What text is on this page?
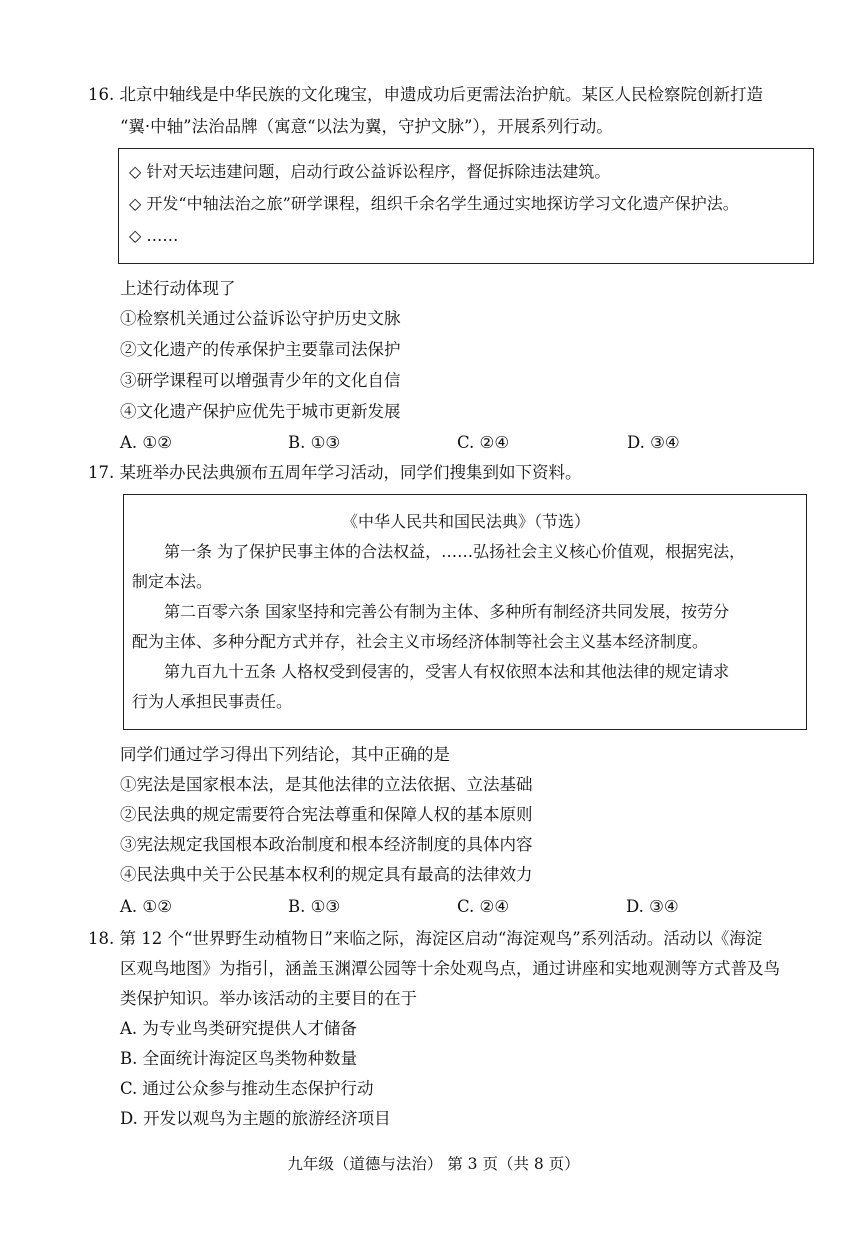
16. 北京中轴线是中华民族的文化瑰宝，申遗成功后更需法治护航。某区人民检察院创新打造
“翼·中轴”法治品牌（寓意“以法为翼，守护文脉”），开展系列行动。
◇ 针对天坛违建问题，启动行政公益诉讼程序，督促拆除违法建筑。
◇ 开发“中轴法治之旅”研学课程，组织千余名学生通过实地探访学习文化遗产保护法。
◇ ……
上述行动体现了
①检察机关通过公益诉讼守护历史文脉
②文化遗产的传承保护主要靠司法保护
③研学课程可以增强青少年的文化自信
④文化遗产保护应优先于城市更新发展
A. ①②	B. ①③	C. ②④	D. ③④
17. 某班举办民法典颁布五周年学习活动，同学们搜集到如下资料。
《中华人民共和国民法典》（节选）
第一条 为了保护民事主体的合法权益，……弘扬社会主义核心价值观，根据宪法，
制定本法。
第二百零六条 国家坚持和完善公有制为主体、多种所有制经济共同发展，按劳分
配为主体、多种分配方式并存，社会主义市场经济体制等社会主义基本经济制度。
第九百九十五条 人格权受到侵害的，受害人有权依照本法和其他法律的规定请求
行为人承担民事责任。
同学们通过学习得出下列结论，其中正确的是
①宪法是国家根本法，是其他法律的立法依据、立法基础
②民法典的规定需要符合宪法尊重和保障人权的基本原则
③宪法规定我国根本政治制度和根本经济制度的具体内容
④民法典中关于公民基本权利的规定具有最高的法律效力
A. ①②	B. ①③	C. ②④	D. ③④
18. 第 12 个“世界野生动植物日”来临之际，海淀区启动“海淀观鸟”系列活动。活动以《海淀
区观鸟地图》为指引，涵盖玉渊潭公园等十余处观鸟点，通过讲座和实地观测等方式普及鸟
类保护知识。举办该活动的主要目的在于
A. 为专业鸟类研究提供人才储备
B. 全面统计海淀区鸟类物种数量
C. 通过公众参与推动生态保护行动
D. 开发以观鸟为主题的旅游经济项目
九年级（道德与法治） 第 3 页（共 8 页）
